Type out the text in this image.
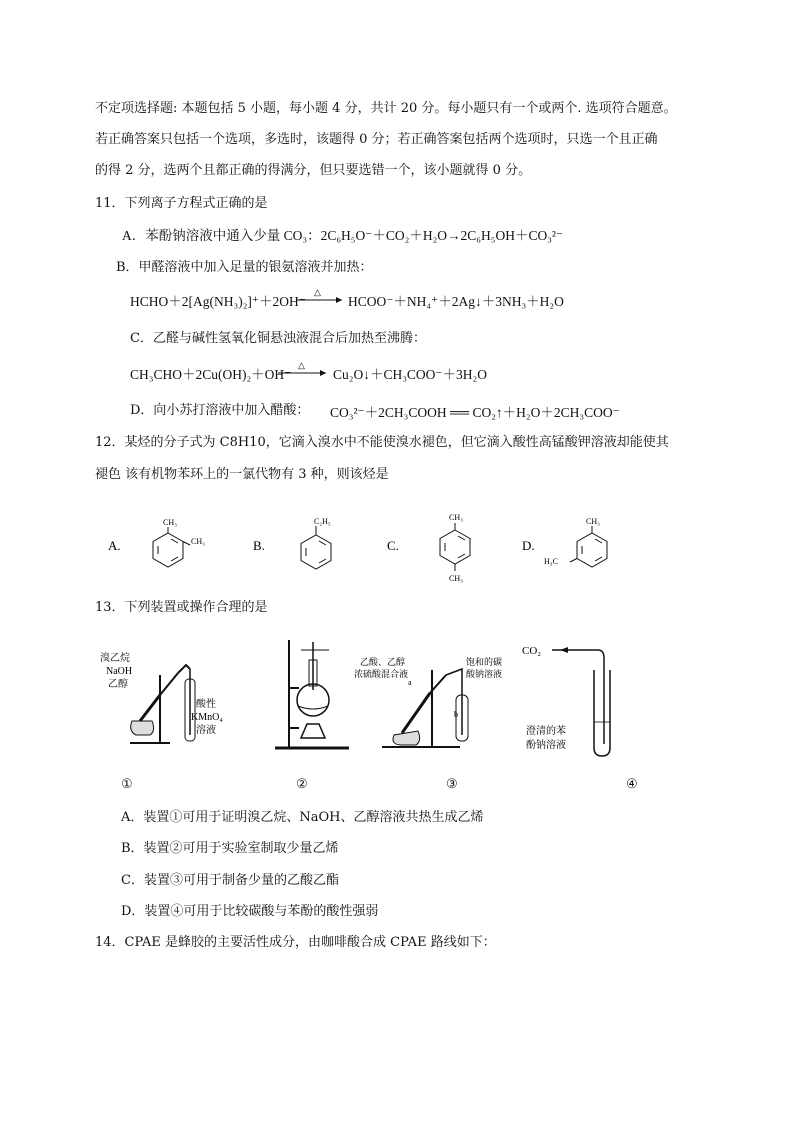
不定项选择题: 本题包括 5 小题，每小题 4 分，共计 20 分。每小题只有一个或两个. 选项符合题意。
若正确答案只包括一个选项，多选时，该题得 0 分；若正确答案包括两个选项时，只选一个且正确
的得 2 分，选两个且都正确的得满分，但只要选错一个，该小题就得 0 分。
11．下列离子方程式正确的是
A．苯酚钠溶液中通入少量 CO₃：2C₆H₅O⁻＋CO₂＋H₂O→2C₆H₅OH＋CO₃²⁻
B．甲醛溶液中加入足量的银氨溶液并加热：
HCHO＋2[Ag(NH₃)₂]⁺＋2OH⁻
△
HCOO⁻＋NH₄⁺＋2Ag↓＋3NH₃＋H₂O
C．乙醛与碱性氢氧化铜悬浊液混合后加热至沸腾：
CH₃CHO＋2Cu(OH)₂＋OH⁻
△
Cu₂O↓＋CH₃COO⁻＋3H₂O
D．向小苏打溶液中加入醋酸： CO₃²⁻＋2CH₃COOH ══ CO₂↑＋H₂O＋2CH₃COO⁻
12．某烃的分子式为 C8H10，它滴入溴水中不能使溴水褪色，但它滴入酸性高锰酸钾溶液却能使其
褪色 该有机物苯环上的一氯代物有 3 种，则该烃是
A.
CH₃
CH₃	B.
C₂H₅
C.
CH₃
CH₃
D.
CH₃
H₃C
13．下列装置或操作合理的是
溴乙烷
NaOH
乙醇
酸性
KMnO₄
溶液
乙酸、乙醇
浓硫酸混合液
饱和的碳
酸钠溶液
a
b
CO₂
澄清的苯
酚钠溶液
①	②	③	④
A．装置①可用于证明溴乙烷、NaOH、乙醇溶液共热生成乙烯
B．装置②可用于实验室制取少量乙烯
C．装置③可用于制备少量的乙酸乙酯
D．装置④可用于比较碳酸与苯酚的酸性强弱
14．CPAE 是蜂胶的主要活性成分，由咖啡酸合成 CPAE 路线如下：
